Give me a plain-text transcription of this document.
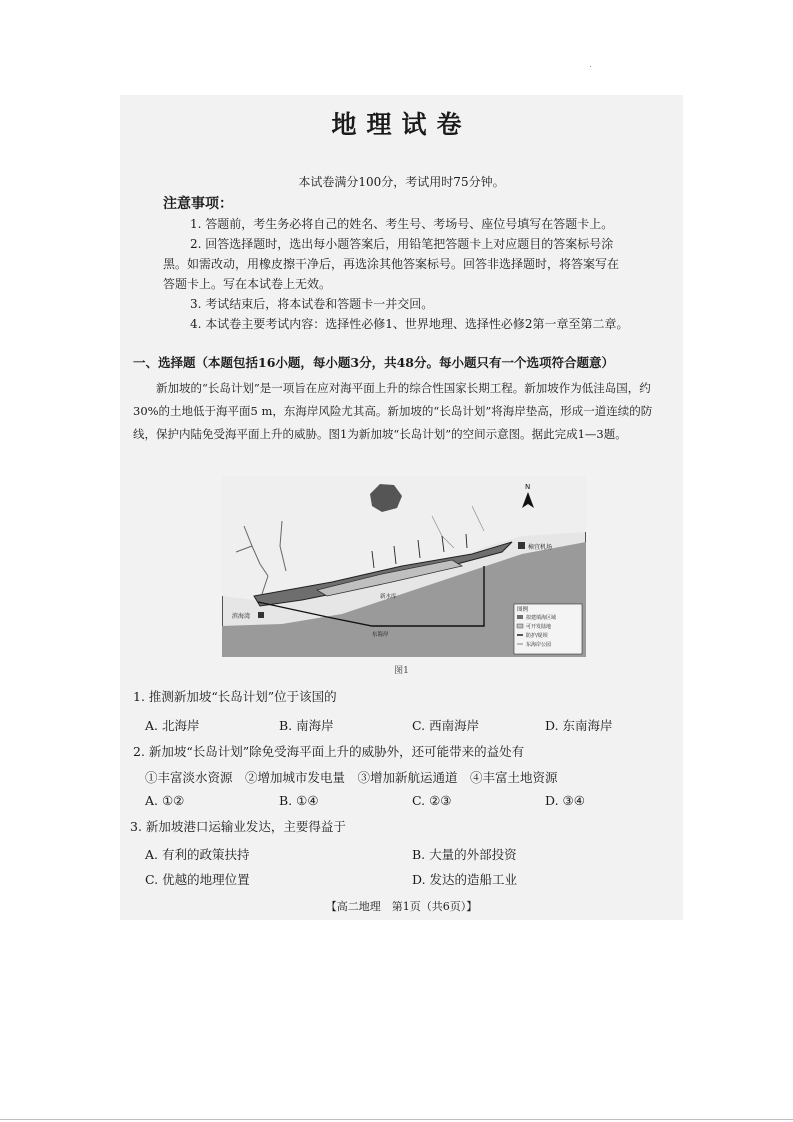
地理试卷
本试卷满分100分，考试用时75分钟。
注意事项：
1. 答题前，考生务必将自己的姓名、考生号、考场号、座位号填写在答题卡上。
2. 回答选择题时，选出每小题答案后，用铅笔把答题卡上对应题目的答案标号涂
黑。如需改动，用橡皮擦干净后，再选涂其他答案标号。回答非选择题时，将答案写在
答题卡上。写在本试卷上无效。
3. 考试结束后，将本试卷和答题卡一并交回。
4. 本试卷主要考试内容：选择性必修1、世界地理、选择性必修2第一章至第二章。
一、选择题（本题包括16小题，每小题3分，共48分。每小题只有一个选项符合题意）
新加坡的“长岛计划”是一项旨在应对海平面上升的综合性国家长期工程。新加坡作为低洼岛国，约30%的土地低于海平面5 m，东海岸风险尤其高。新加坡的“长岛计划”将海岸垫高，形成一道连续的防线，保护内陆免受海平面上升的威胁。图1为新加坡“长岛计划”的空间示意图。据此完成1—3题。
樟宜机场
滨海湾
新水库
东海岸
N
图例
拟建填海区域
可开发陆地
防护/堤坝
东海岸公园
图1
1. 推测新加坡“长岛计划”位于该国的
A. 北海岸	B. 南海岸	C. 西南海岸	D. 东南海岸
2. 新加坡“长岛计划”除免受海平面上升的威胁外，还可能带来的益处有
①丰富淡水资源　②增加城市发电量　③增加新航运通道　④丰富土地资源
A. ①②	B. ①④	C. ②③	D. ③④
3. 新加坡港口运输业发达，主要得益于
A. 有利的政策扶持	B. 大量的外部投资
C. 优越的地理位置	D. 发达的造船工业
【高二地理　第1页（共6页）】
